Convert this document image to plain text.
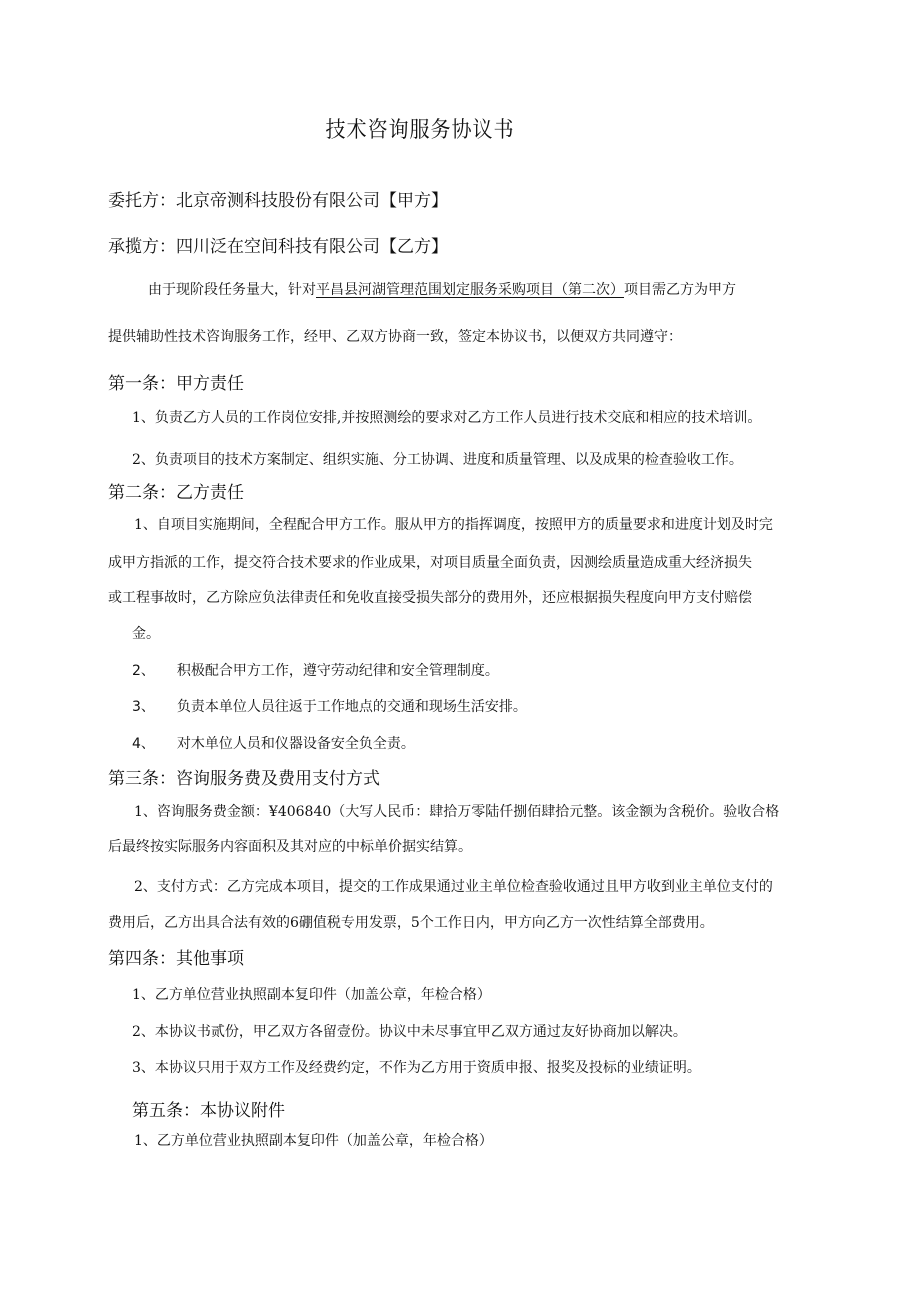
技术咨询服务协议书
委托方：北京帝测科技股份有限公司【甲方】
承揽方：四川泛在空间科技有限公司【乙方】
由于现阶段任务量大，针对平昌县河湖管理范围划定服务采购项目（第二次）项目需乙方为甲方
提供辅助性技术咨询服务工作，经甲、乙双方协商一致，签定本协议书，以便双方共同遵守：
第一条：甲方责任
1、负责乙方人员的工作岗位安排,并按照测绘的要求对乙方工作人员进行技术交底和相应的技术培训。
2、负责项目的技术方案制定、组织实施、分工协调、进度和质量管理、以及成果的检查验收工作。
第二条：乙方责任
1、自项目实施期间，全程配合甲方工作。服从甲方的指挥调度，按照甲方的质量要求和进度计划及时完
成甲方指派的工作，提交符合技术要求的作业成果，对项目质量全面负责，因测绘质量造成重大经济损失
或工程事故时，乙方除应负法律责任和免收直接受损失部分的费用外，还应根据损失程度向甲方支付赔偿
金。
2、 积极配合甲方工作，遵守劳动纪律和安全管理制度。
3、 负责本单位人员往返于工作地点的交通和现场生活安排。
4、 对木单位人员和仪器设备安全负全责。
第三条：咨询服务费及费用支付方式
1、咨询服务费金额：¥406840（大写人民币：肆拾万零陆仟捌佰肆拾元整。该金额为含税价。验收合格
后最终按实际服务内容面积及其对应的中标单价据实结算。
2、支付方式：乙方完成本项目，提交的工作成果通过业主单位检查验收通过且甲方收到业主单位支付的
费用后，乙方出具合法有效的6硼值税专用发票，5个工作日内，甲方向乙方一次性结算全部费用。
第四条：其他事项
1、乙方单位营业执照副本复印件（加盖公章，年检合格）
2、本协议书贰份，甲乙双方各留壹份。协议中未尽事宜甲乙双方通过友好协商加以解决。
3、本协议只用于双方工作及经费约定，不作为乙方用于资质申报、报奖及投标的业绩证明。
第五条：本协议附件
1、乙方单位营业执照副本复印件（加盖公章，年检合格）
